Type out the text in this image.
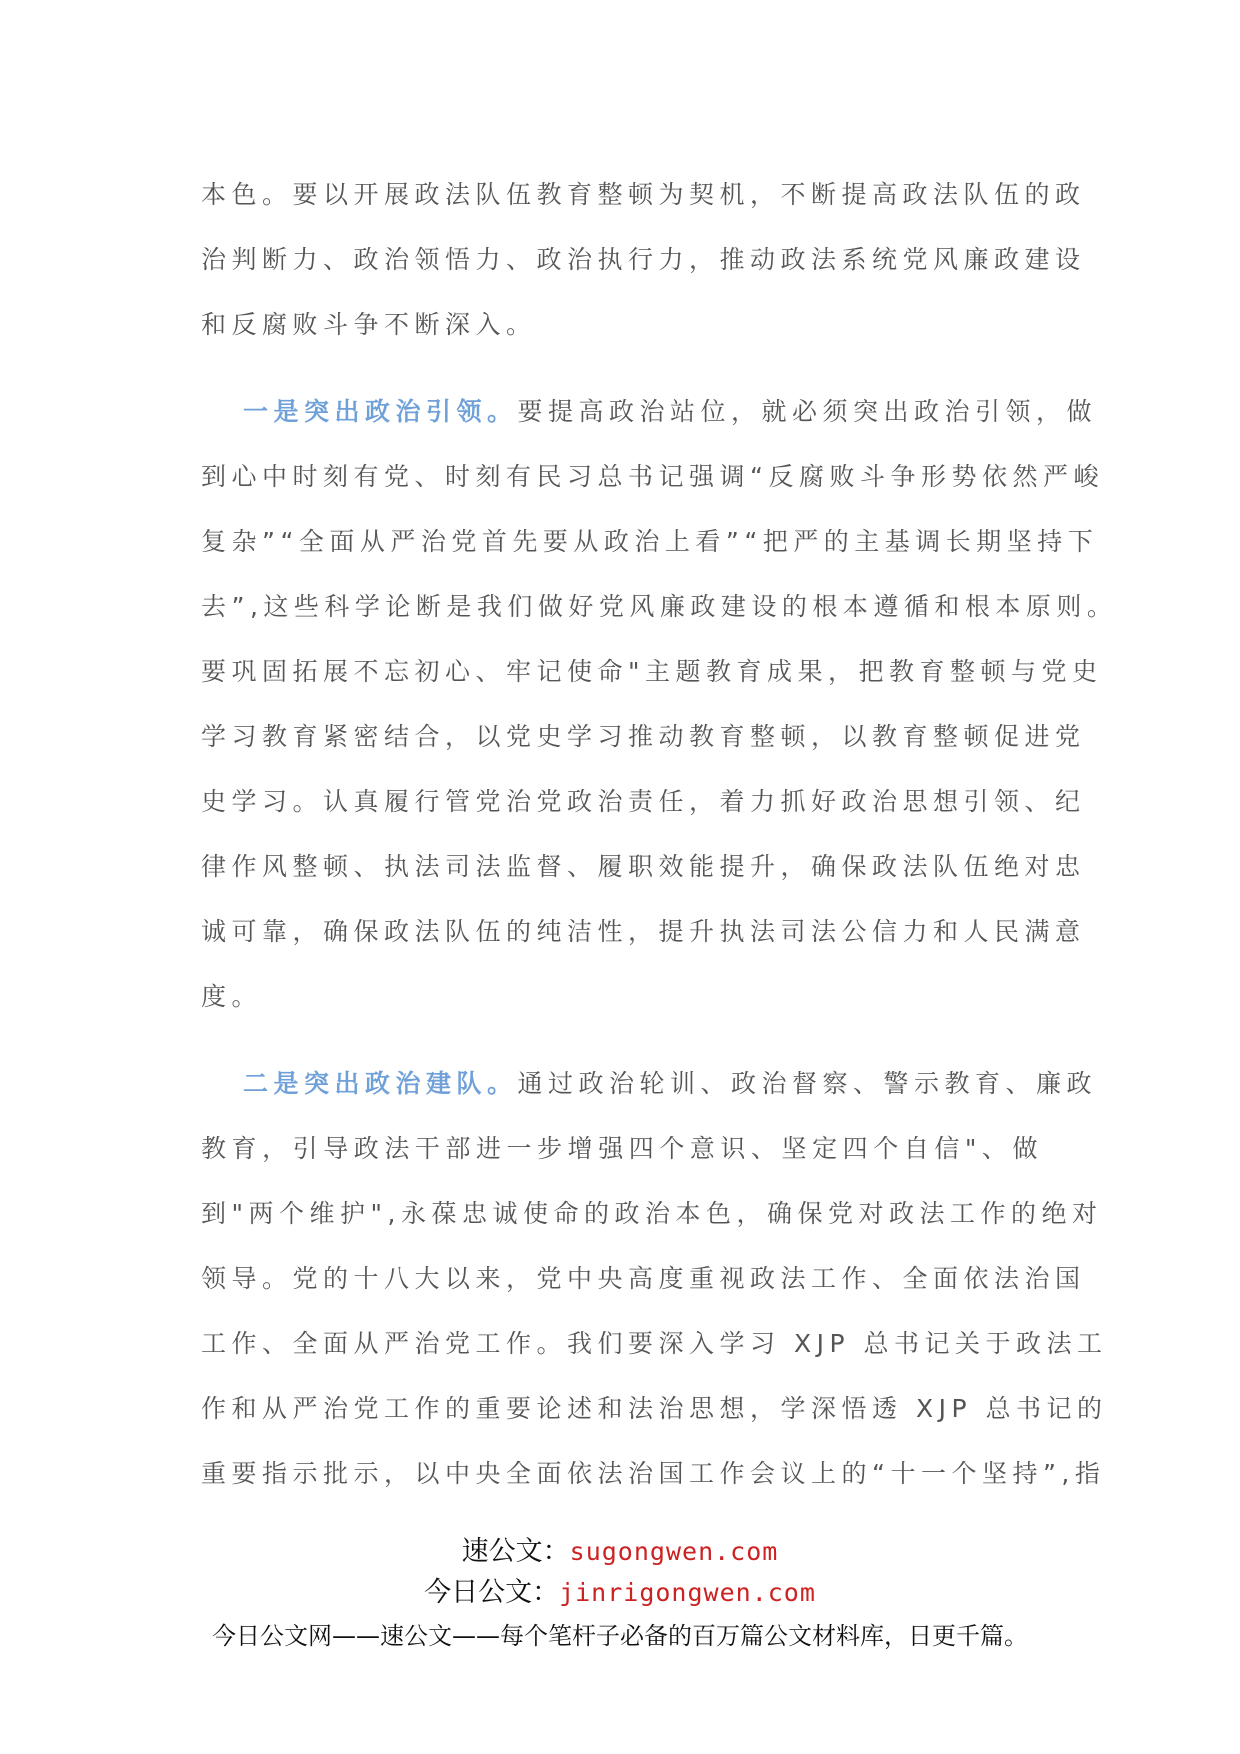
本色。要以开展政法队伍教育整顿为契机，不断提高政法队伍的政
治判断力、政治领悟力、政治执行力，推动政法系统党风廉政建设
和反腐败斗争不断深入。
一是突出政治引领。要提高政治站位，就必须突出政治引领，做
到心中时刻有党、时刻有民习总书记强调“反腐败斗争形势依然严峻
复杂”“全面从严治党首先要从政治上看”“把严的主基调长期坚持下
去”,这些科学论断是我们做好党风廉政建设的根本遵循和根本原则。
要巩固拓展不忘初心、牢记使命"主题教育成果，把教育整顿与党史
学习教育紧密结合，以党史学习推动教育整顿，以教育整顿促进党
史学习。认真履行管党治党政治责任，着力抓好政治思想引领、纪
律作风整顿、执法司法监督、履职效能提升，确保政法队伍绝对忠
诚可靠，确保政法队伍的纯洁性，提升执法司法公信力和人民满意
度。
二是突出政治建队。通过政治轮训、政治督察、警示教育、廉政
教育，引导政法干部进一步增强四个意识、坚定四个自信"、做
到"两个维护",永葆忠诚使命的政治本色，确保党对政法工作的绝对
领导。党的十八大以来，党中央高度重视政法工作、全面依法治国
工作、全面从严治党工作。我们要深入学习 XJP 总书记关于政法工
作和从严治党工作的重要论述和法治思想，学深悟透 XJP 总书记的
重要指示批示，以中央全面依法治国工作会议上的“十一个坚持”,指
速公文：sugongwen.com
今日公文：jinrigongwen.com
今日公文网——速公文——每个笔杆子必备的百万篇公文材料库，日更千篇。
